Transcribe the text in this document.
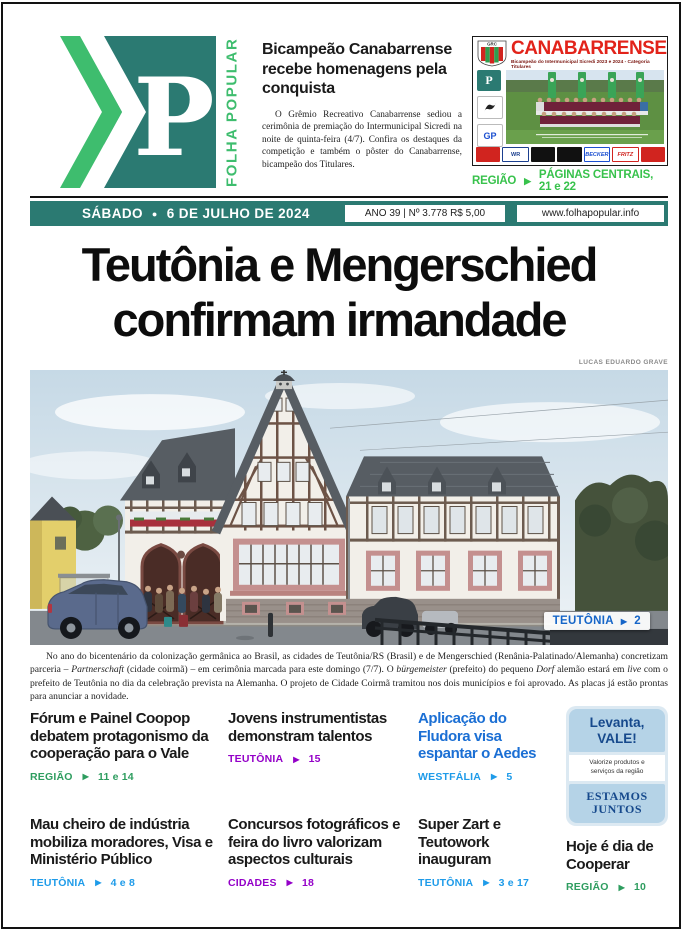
P FOLHA POPULAR Bicampeão Canabarrense recebe homenagens pela conquista

O Grêmio Recreativo Canabarrense sediou a cerimônia de premiação do Intermunicipal Sicredi na noite de quinta-feira (4/7). Confira os destaques da competição e também o pôster do Canabarrense, bicampeão dos Titulares.

GRC CANABARRENSE
Bicampeão do Intermunicipal Sicredi 2023 e 2024 - Categoria Titulares
P
GP
WR	BECKER	FRITZ
REGIÃO ▶ PÁGINAS CENTRAIS, 21 e 22
SÁBADO ● 6 DE JULHO DE 2024	ANO 39 | Nº 3.778 R$ 5,00	www.folhapopular.info
Teutônia e Mengerschied
confirmam irmandade
LUCAS EDUARDO GRAVE
TEUTÔNIA ▶ 2

No ano do bicentenário da colonização germânica ao Brasil, as cidades de Teutônia/RS (Brasil) e de Mengerschied (Renânia-Palatinado/Alemanha) concretizam parceria – Partnerschaft (cidade coirmã) – em cerimônia marcada para este domingo (7/7). O bürgemeister (prefeito) do pequeno Dorf alemão estará em live com o prefeito de Teutônia no dia da celebração prevista na Alemanha. O projeto de Cidade Coirmã tramitou nos dois municípios e foi aprovado. As placas já estão prontas para anunciar a novidade.

Fórum e Painel Coopop debatem protagonismo da cooperação para o Vale
REGIÃO ▶ 11 e 14
Jovens instrumentistas demonstram talentos
TEUTÔNIA ▶ 15
Aplicação do Fludora visa espantar o Aedes
WESTFÁLIA ▶ 5
Mau cheiro de indústria mobiliza moradores, Visa e Ministério Público
TEUTÔNIA ▶ 4 e 8
Concursos fotográficos e feira do livro valorizam aspectos culturais
CIDADES ▶ 18
Super Zart e Teutowork inauguram
TEUTÔNIA ▶ 3 e 17
Hoje é dia de Cooperar
REGIÃO ▶ 10
Levanta,
VALE!
Valorize produtos e
serviços da região
ESTAMOS
JUNTOS
